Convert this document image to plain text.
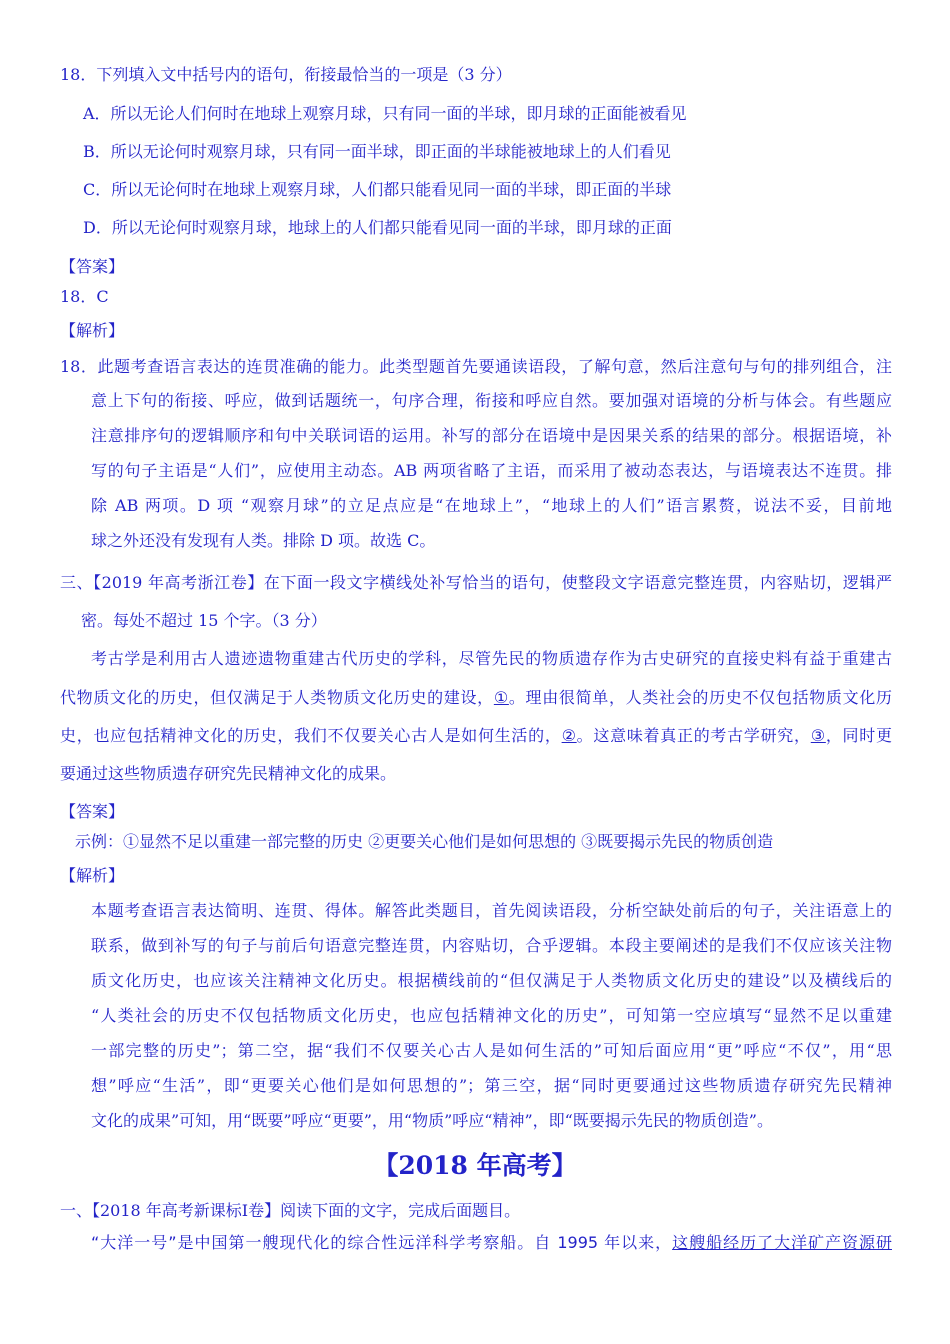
18．下列填入文中括号内的语句，衔接最恰当的一项是（3 分）
A．所以无论人们何时在地球上观察月球，只有同一面的半球，即月球的正面能被看见
B．所以无论何时观察月球，只有同一面半球，即正面的半球能被地球上的人们看见
C．所以无论何时在地球上观察月球，人们都只能看见同一面的半球，即正面的半球
D．所以无论何时观察月球，地球上的人们都只能看见同一面的半球，即月球的正面
【答案】
18．C
【解析】
18．此题考查语言表达的连贯准确的能力。此类型题首先要通读语段，了解句意，然后注意句与句的排列组合，注
意上下句的衔接、呼应，做到话题统一，句序合理，衔接和呼应自然。要加强对语境的分析与体会。有些题应
注意排序句的逻辑顺序和句中关联词语的运用。补写的部分在语境中是因果关系的结果的部分。根据语境，补
写的句子主语是“人们”，应使用主动态。AB 两项省略了主语，而采用了被动态表达，与语境表达不连贯。排
除 AB 两项。D 项 “观察月球”的立足点应是“在地球上”，“地球上的人们”语言累赘，说法不妥，目前地
球之外还没有发现有人类。排除 D 项。故选 C。
三、【2019 年高考浙江卷】在下面一段文字横线处补写恰当的语句，使整段文字语意完整连贯，内容贴切，逻辑严
密。每处不超过 15 个字。（3 分）
考古学是利用古人遗迹遗物重建古代历史的学科，尽管先民的物质遗存作为古史研究的直接史料有益于重建古
代物质文化的历史，但仅满足于人类物质文化历史的建设，①。理由很简单，人类社会的历史不仅包括物质文化历
史，也应包括精神文化的历史，我们不仅要关心古人是如何生活的，②。这意味着真正的考古学研究，③，同时更
要通过这些物质遗存研究先民精神文化的成果。
【答案】
示例：①显然不足以重建一部完整的历史 ②更要关心他们是如何思想的 ③既要揭示先民的物质创造
【解析】
本题考查语言表达简明、连贯、得体。解答此类题目，首先阅读语段，分析空缺处前后的句子，关注语意上的
联系，做到补写的句子与前后句语意完整连贯，内容贴切，合乎逻辑。本段主要阐述的是我们不仅应该关注物
质文化历史，也应该关注精神文化历史。根据横线前的“但仅满足于人类物质文化历史的建设”以及横线后的
“人类社会的历史不仅包括物质文化历史，也应包括精神文化的历史”，可知第一空应填写“显然不足以重建
一部完整的历史”；第二空，据“我们不仅要关心古人是如何生活的”可知后面应用“更”呼应“不仅”，用“思
想”呼应“生活”，即“更要关心他们是如何思想的”；第三空，据“同时更要通过这些物质遗存研究先民精神
文化的成果”可知，用“既要”呼应“更要”，用“物质”呼应“精神”，即“既要揭示先民的物质创造”。
【2018 年高考】
一、【2018 年高考新课标Ⅰ卷】阅读下面的文字，完成后面题目。
“大洋一号”是中国第一艘现代化的综合性远洋科学考察船。自 1995 年以来，这艘船经历了大洋矿产资源研
